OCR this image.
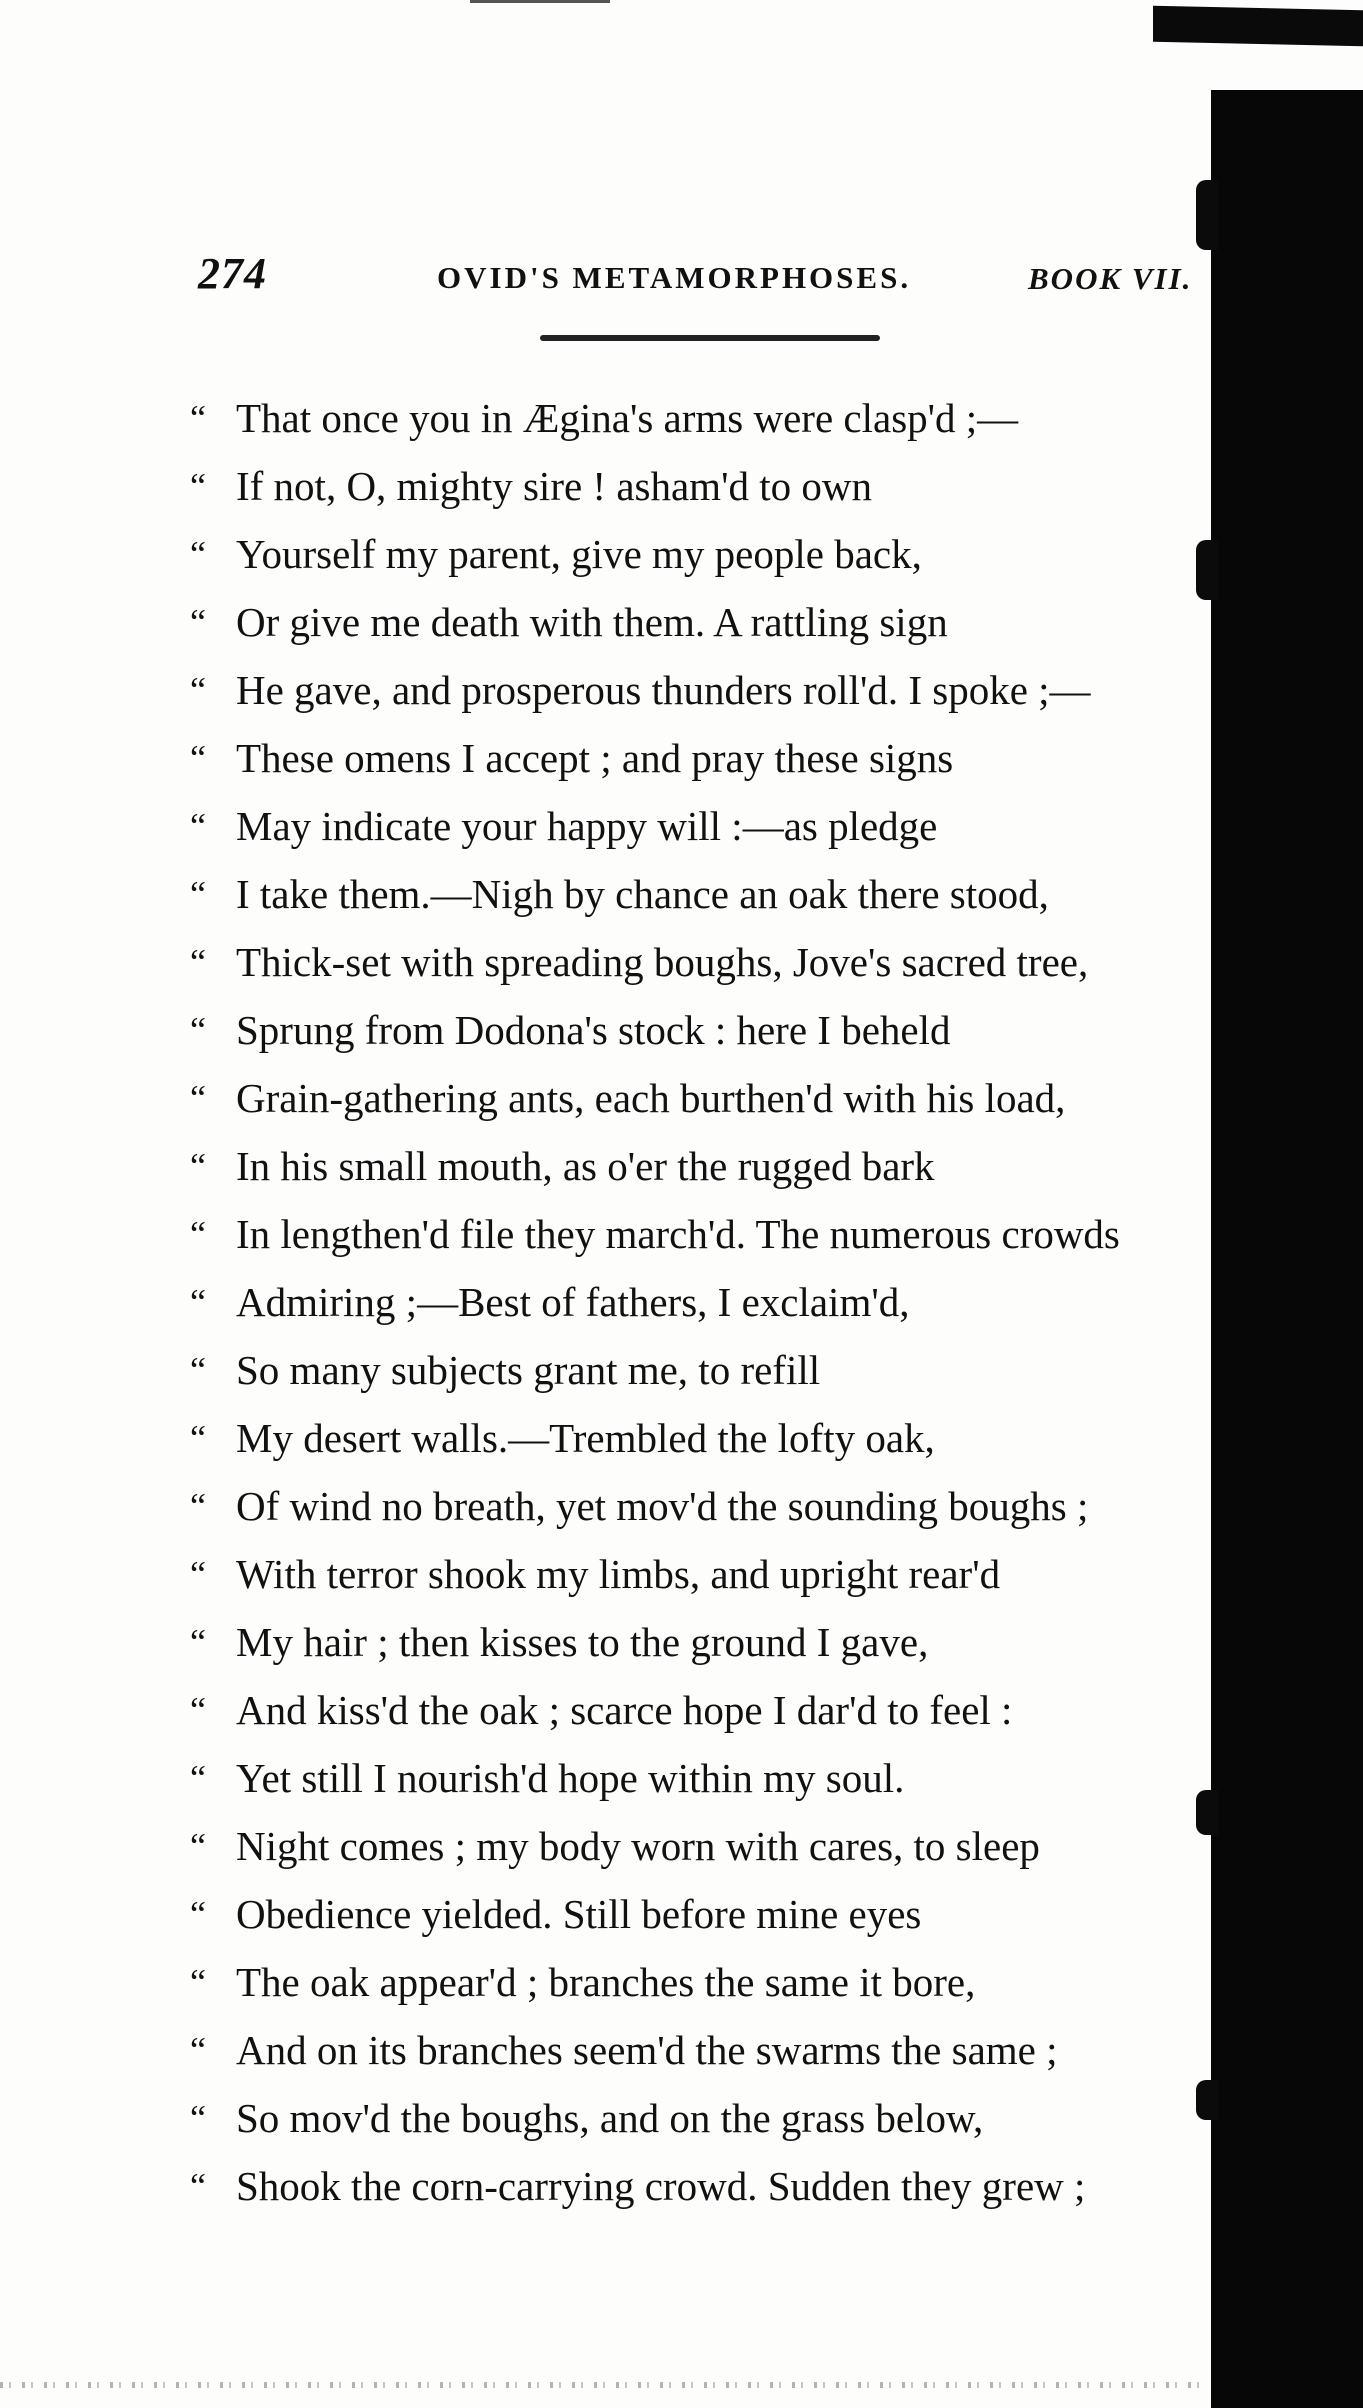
274	OVID'S METAMORPHOSES.	BOOK VII.
“ That once you in Ægina's arms were clasp'd ;—
“ If not, O, mighty sire ! asham'd to own
“ Yourself my parent, give my people back,
“ Or give me death with them. A rattling sign
“ He gave, and prosperous thunders roll'd. I spoke ;—
“ These omens I accept ; and pray these signs
“ May indicate your happy will :—as pledge
“ I take them.—Nigh by chance an oak there stood,
“ Thick-set with spreading boughs, Jove's sacred tree,
“ Sprung from Dodona's stock : here I beheld
“ Grain-gathering ants, each burthen'd with his load,
“ In his small mouth, as o'er the rugged bark
“ In lengthen'd file they march'd. The numerous crowds
“ Admiring ;—Best of fathers, I exclaim'd,
“ So many subjects grant me, to refill
“ My desert walls.—Trembled the lofty oak,
“ Of wind no breath, yet mov'd the sounding boughs ;
“ With terror shook my limbs, and upright rear'd
“ My hair ; then kisses to the ground I gave,
“ And kiss'd the oak ; scarce hope I dar'd to feel :
“ Yet still I nourish'd hope within my soul.
“ Night comes ; my body worn with cares, to sleep
“ Obedience yielded. Still before mine eyes
“ The oak appear'd ; branches the same it bore,
“ And on its branches seem'd the swarms the same ;
“ So mov'd the boughs, and on the grass below,
“ Shook the corn-carrying crowd. Sudden they grew ;
